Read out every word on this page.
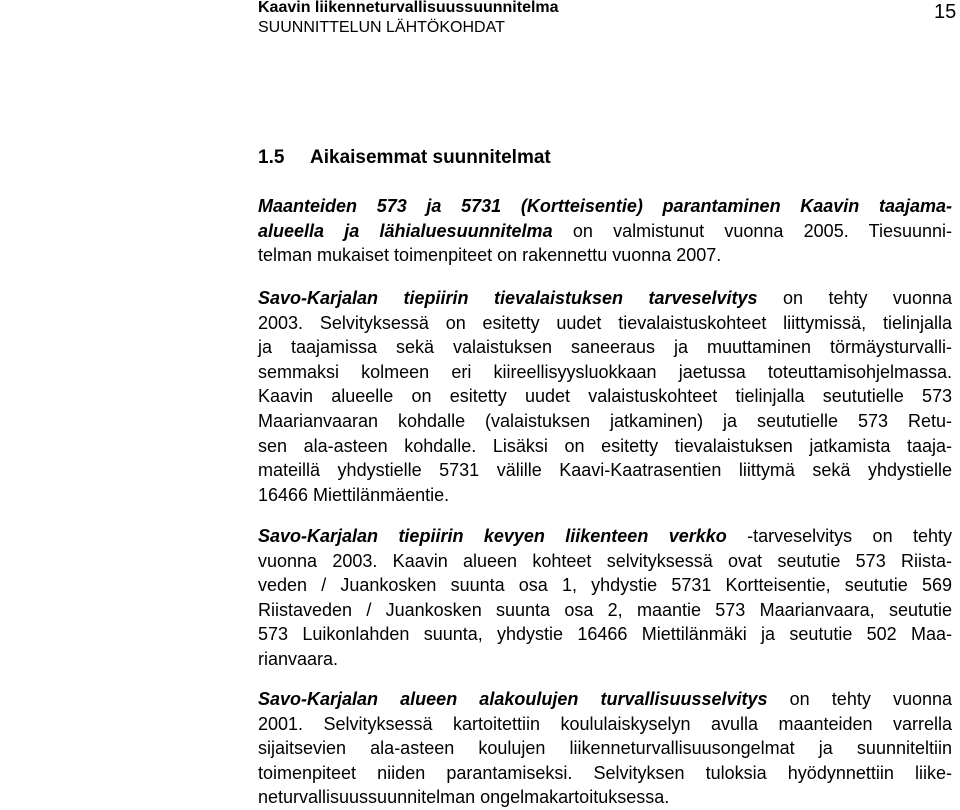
Kaavin liikenneturvallisuussuunnitelma
SUUNNITTELUN LÄHTÖKOHDAT
15
1.5 Aikaisemmat suunnitelmat
Maanteiden 573 ja 5731 (Kortteisentie) parantaminen Kaavin taajama-
alueella ja lähialuesuunnitelma on valmistunut vuonna 2005. Tiesuunni-
telman mukaiset toimenpiteet on rakennettu vuonna 2007.
Savo-Karjalan tiepiirin tievalaistuksen tarveselvitys on tehty vuonna
2003. Selvityksessä on esitetty uudet tievalaistuskohteet liittymissä, tielinjalla
ja taajamissa sekä valaistuksen saneeraus ja muuttaminen törmäysturvalli-
semmaksi kolmeen eri kiireellisyysluokkaan jaetussa toteuttamisohjelmassa.
Kaavin alueelle on esitetty uudet valaistuskohteet tielinjalla seututielle 573
Maarianvaaran kohdalle (valaistuksen jatkaminen) ja seututielle 573 Retu-
sen ala-asteen kohdalle. Lisäksi on esitetty tievalaistuksen jatkamista taaja-
mateillä yhdystielle 5731 välille Kaavi-Kaatrasentien liittymä sekä yhdystielle
16466 Miettilänmäentie.
Savo-Karjalan tiepiirin kevyen liikenteen verkko -tarveselvitys on tehty
vuonna 2003. Kaavin alueen kohteet selvityksessä ovat seututie 573 Riista-
veden / Juankosken suunta osa 1, yhdystie 5731 Kortteisentie, seututie 569
Riistaveden / Juankosken suunta osa 2, maantie 573 Maarianvaara, seututie
573 Luikonlahden suunta, yhdystie 16466 Miettilänmäki ja seututie 502 Maa-
rianvaara.
Savo-Karjalan alueen alakoulujen turvallisuusselvitys on tehty vuonna
2001. Selvityksessä kartoitettiin koululaiskyselyn avulla maanteiden varrella
sijaitsevien ala-asteen koulujen liikenneturvallisuusongelmat ja suunniteltiin
toimenpiteet niiden parantamiseksi. Selvityksen tuloksia hyödynnettiin liike-
neturvallisuussuunnitelman ongelmakartoituksessa.
